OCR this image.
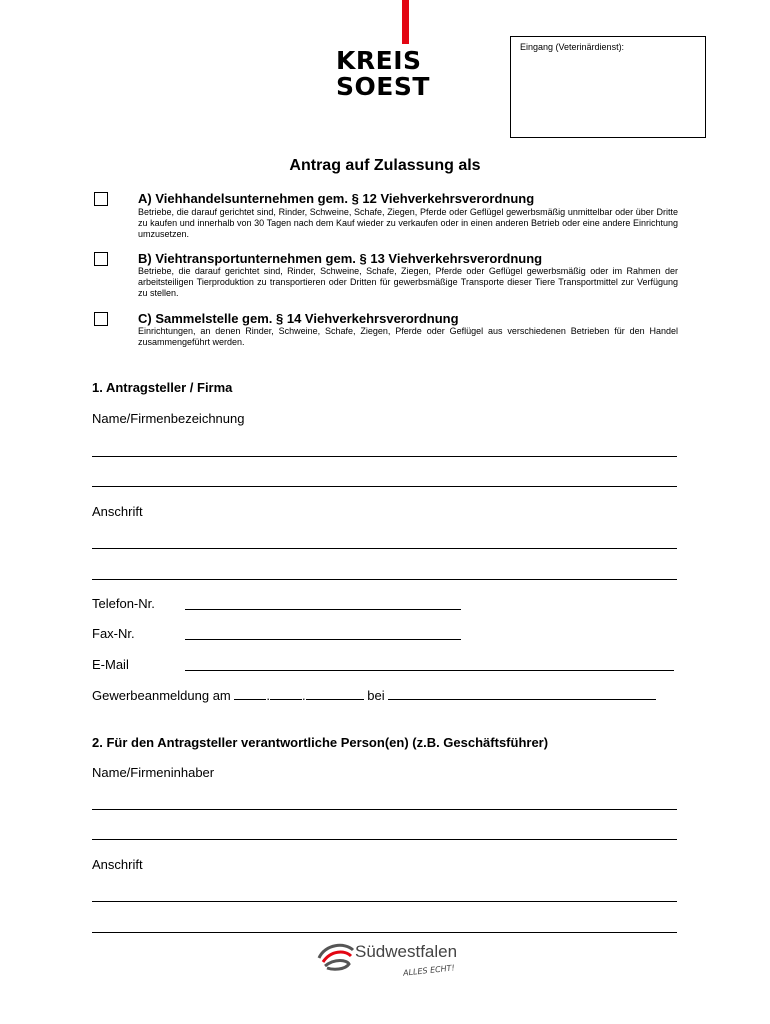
KREIS
SOEST
Eingang (Veterinärdienst):
Antrag auf Zulassung als
A) Viehhandelsunternehmen gem. § 12 Viehverkehrsverordnung
Betriebe, die darauf gerichtet sind, Rinder, Schweine, Schafe, Ziegen, Pferde oder Geflügel gewerbsmäßig unmittelbar oder über Dritte zu kaufen und innerhalb von 30 Tagen nach dem Kauf wieder zu verkaufen oder in einen anderen Betrieb oder eine andere Einrichtung umzusetzen.
B) Viehtransportunternehmen gem. § 13 Viehverkehrsverordnung
Betriebe, die darauf gerichtet sind, Rinder, Schweine, Schafe, Ziegen, Pferde oder Geflügel gewerbsmäßig oder im Rahmen der arbeitsteiligen Tierproduktion zu transportieren oder Dritten für gewerbsmäßige Transporte dieser Tiere Transportmittel zur Verfügung zu stellen.
C) Sammelstelle gem. § 14 Viehverkehrsverordnung
Einrichtungen, an denen Rinder, Schweine, Schafe, Ziegen, Pferde oder Geflügel aus verschiedenen Betrieben für den Handel zusammengeführt werden.
1. Antragsteller / Firma
Name/Firmenbezeichnung
Anschrift
Telefon-Nr.
Fax-Nr.
E-Mail
Gewerbeanmeldung am	. .	bei
2. Für den Antragsteller verantwortliche Person(en) (z.B. Geschäftsführer)
Name/Firmeninhaber
Anschrift
Südwestfalen
ALLES ECHT!
